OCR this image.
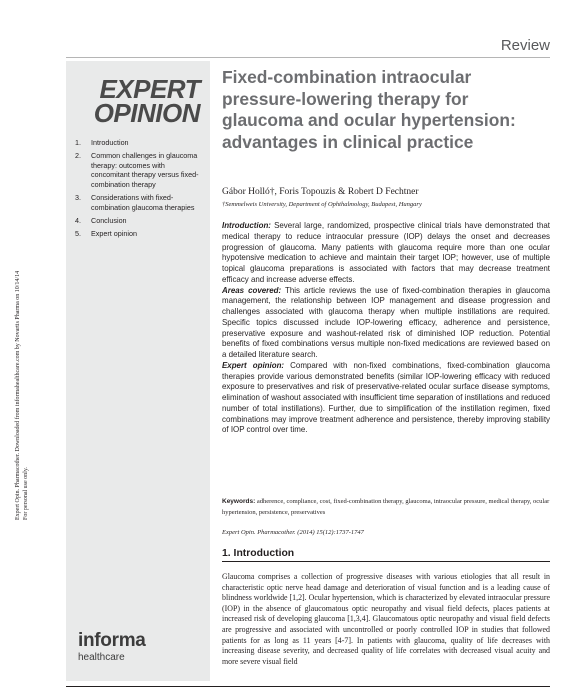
Review
Expert Opin. Pharmacother. Downloaded from informahealthcare.com by Novartis Pharma on 10/14/14 For personal use only.
EXPERT
OPINION
1. Introduction
2. Common challenges in glaucoma therapy: outcomes with concomitant therapy versus fixed-combination therapy
3. Considerations with fixed-combination glaucoma therapies
4. Conclusion
5. Expert opinion
informa
healthcare
Fixed-combination intraocular pressure-lowering therapy for glaucoma and ocular hypertension: advantages in clinical practice
Gábor Holló†, Foris Topouzis & Robert D Fechtner
†Semmelweis University, Department of Ophthalmology, Budapest, Hungary
Introduction: Several large, randomized, prospective clinical trials have demonstrated that medical therapy to reduce intraocular pressure (IOP) delays the onset and decreases progression of glaucoma. Many patients with glaucoma require more than one ocular hypotensive medication to achieve and maintain their target IOP; however, use of multiple topical glaucoma preparations is associated with factors that may decrease treatment efficacy and increase adverse effects.
Areas covered: This article reviews the use of fixed-combination therapies in glaucoma management, the relationship between IOP management and disease progression and challenges associated with glaucoma therapy when multiple instillations are required. Specific topics discussed include IOP-lowering efficacy, adherence and persistence, preservative exposure and washout-related risk of diminished IOP reduction. Potential benefits of fixed combinations versus multiple non-fixed medications are reviewed based on a detailed literature search.
Expert opinion: Compared with non-fixed combinations, fixed-combination glaucoma therapies provide various demonstrated benefits (similar IOP-lowering efficacy with reduced exposure to preservatives and risk of preservative-related ocular surface disease symptoms, elimination of washout associated with insufficient time separation of instillations and reduced number of total instillations). Further, due to simplification of the instillation regimen, fixed combinations may improve treatment adherence and persistence, thereby improving stability of IOP control over time.
Keywords: adherence, compliance, cost, fixed-combination therapy, glaucoma, intraocular pressure, medical therapy, ocular hypertension, persistence, preservatives
Expert Opin. Pharmacother. (2014) 15(12):1737-1747
1. Introduction
Glaucoma comprises a collection of progressive diseases with various etiologies that all result in characteristic optic nerve head damage and deterioration of visual function and is a leading cause of blindness worldwide [1,2]. Ocular hypertension, which is characterized by elevated intraocular pressure (IOP) in the absence of glaucomatous optic neuropathy and visual field defects, places patients at increased risk of developing glaucoma [1,3,4]. Glaucomatous optic neuropathy and visual field defects are progressive and associated with uncontrolled or poorly controlled IOP in studies that followed patients for as long as 11 years [4-7]. In patients with glaucoma, quality of life decreases with increasing disease severity, and decreased quality of life correlates with decreased visual acuity and more severe visual field
